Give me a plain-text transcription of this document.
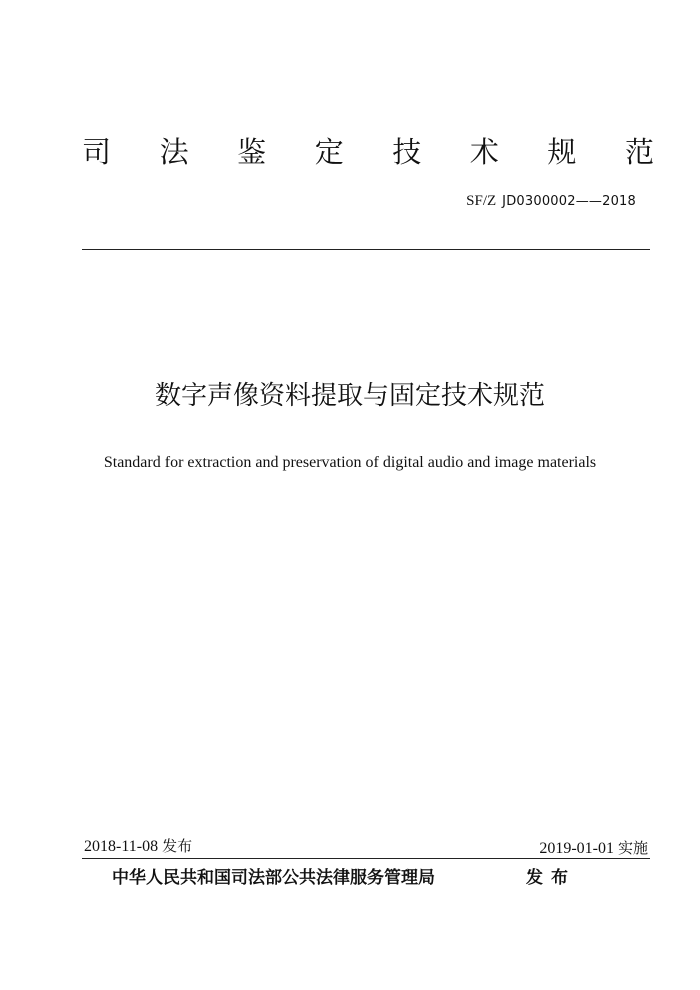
司 法 鉴 定 技 术 规 范
SF/Z JD0300002——2018
数字声像资料提取与固定技术规范
Standard for extraction and preservation of digital audio and image materials
2018-11-08 发布	2019-01-01 实施
中华人民共和国司法部公共法律服务管理局	发布
